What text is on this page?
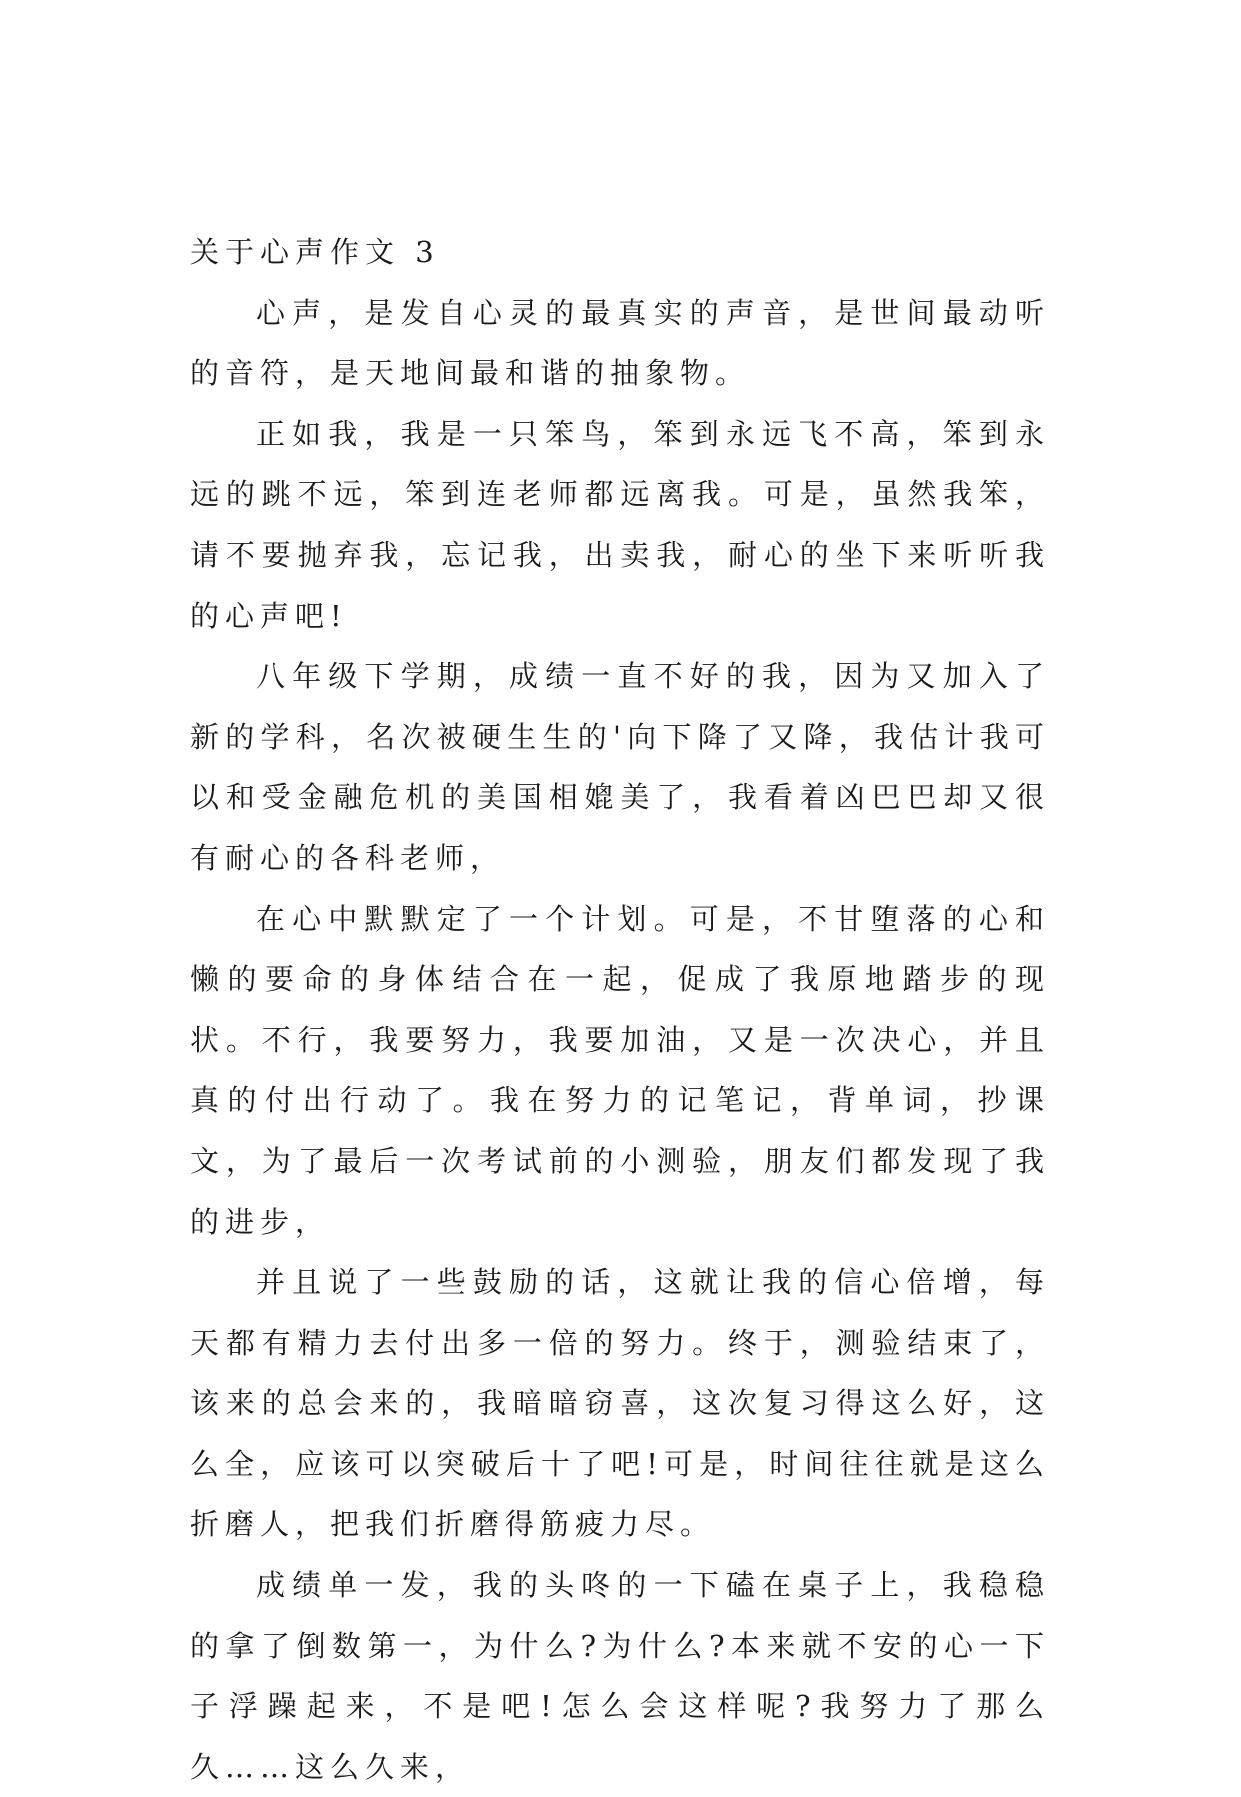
关于心声作文 3

心声，是发自心灵的最真实的声音，是世间最动听的音符，是天地间最和谐的抽象物。

正如我，我是一只笨鸟，笨到永远飞不高，笨到永远的跳不远，笨到连老师都远离我。可是，虽然我笨，请不要抛弃我，忘记我，出卖我，耐心的坐下来听听我的心声吧!

八年级下学期，成绩一直不好的我，因为又加入了新的学科，名次被硬生生的'向下降了又降，我估计我可以和受金融危机的美国相媲美了，我看着凶巴巴却又很有耐心的各科老师，

在心中默默定了一个计划。可是，不甘堕落的心和懒的要命的身体结合在一起，促成了我原地踏步的现状。不行，我要努力，我要加油，又是一次决心，并且真的付出行动了。我在努力的记笔记，背单词，抄课文，为了最后一次考试前的小测验，朋友们都发现了我的进步，

并且说了一些鼓励的话，这就让我的信心倍增，每天都有精力去付出多一倍的努力。终于，测验结束了，该来的总会来的，我暗暗窃喜，这次复习得这么好，这么全，应该可以突破后十了吧!可是，时间往往就是这么折磨人，把我们折磨得筋疲力尽。

成绩单一发，我的头咚的一下磕在桌子上，我稳稳的拿了倒数第一，为什么?为什么?本来就不安的心一下子浮躁起来，不是吧!怎么会这样呢?我努力了那么久……这么久来，
